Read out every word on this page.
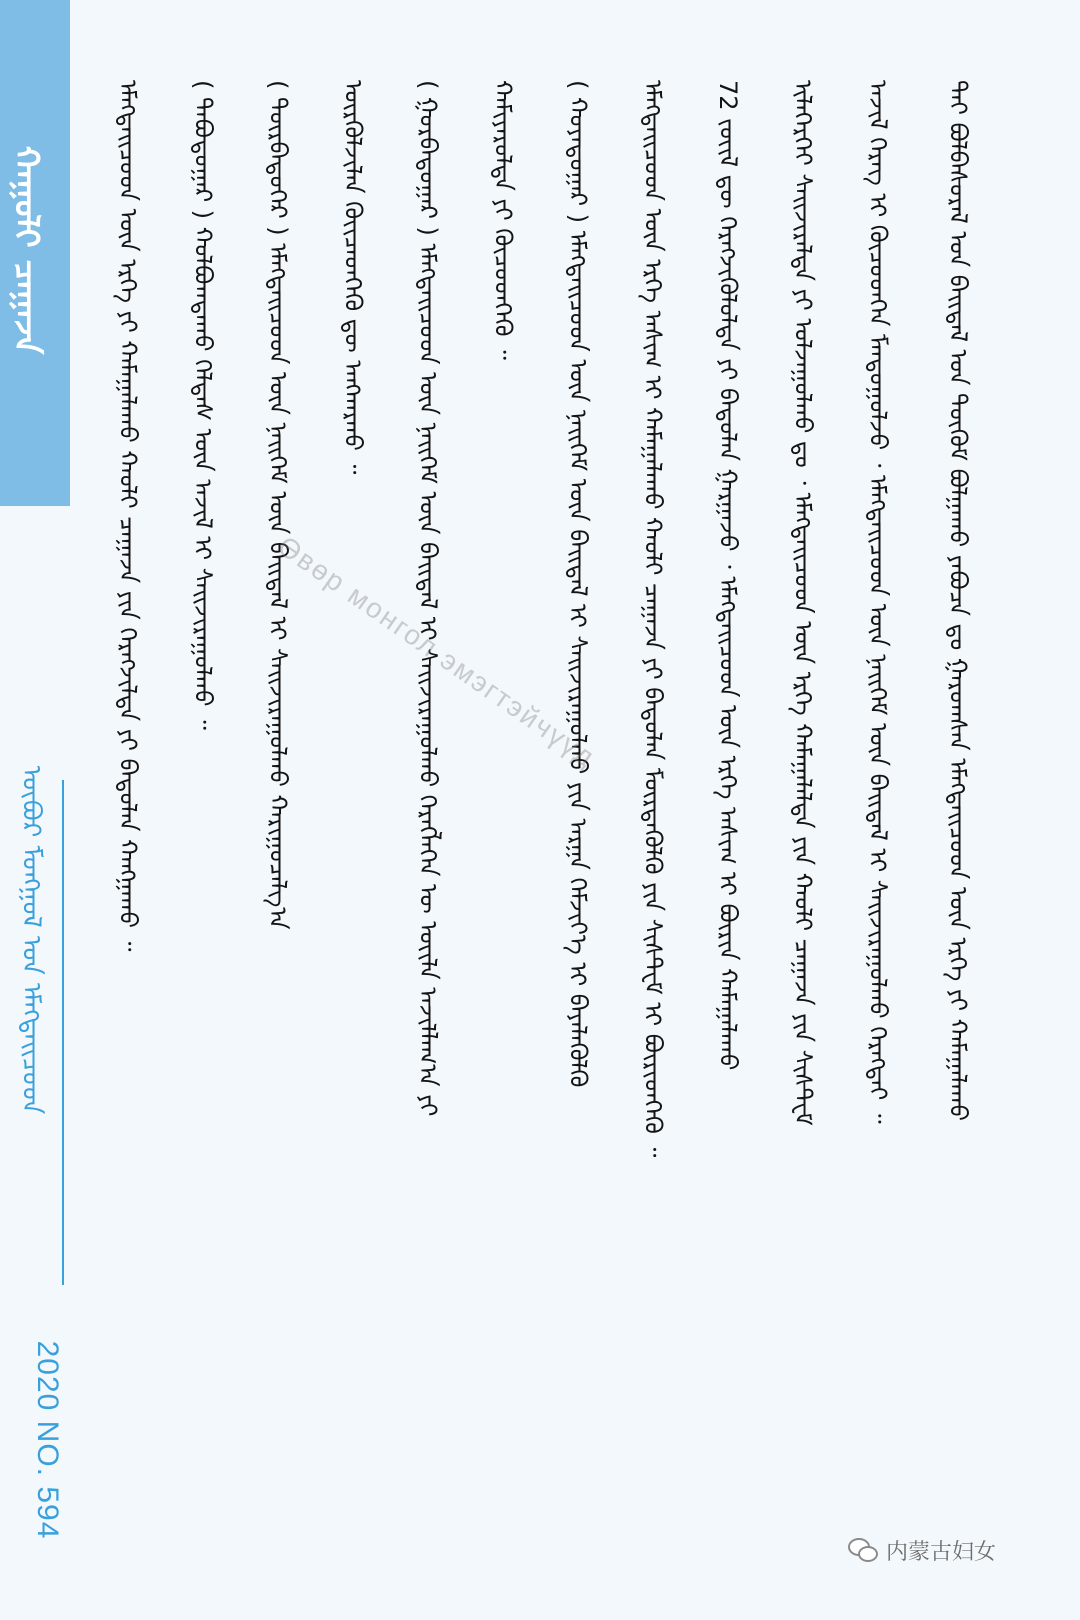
ᠬᠠᠭᠤᠯᠢ ᠴᠠᠭᠠᠵᠠ
ᠥᠪᠥᠷ ᠮᠣᠩᠭᠣᠯ ᠤᠨ ᠡᠮᠡᠭᠲᠡᠢᠴᠦᠳ
2020 NO. 594
ᠲᠠᠢ ᠪᠣᠯᠪᠠᠰᠤᠷᠠᠯ ᠤᠨ ᠪᠠᠢᠳᠠᠯ ᠤᠨ ᠳᠦᠭᠦᠮ ᠪᠣᠯᠭᠠᠬᠤ ᠶᠠᠪᠤᠴᠠ ᠳᠤ ᠭᠠᠷᠤᠭᠰᠠᠨ ᠡᠮᠡᠭᠲᠡᠢᠴᠦᠳ ᠦᠨ ᠡᠷᠬᠡ ᠶᠢ ᠬᠠᠮᠠᠭᠠᠯᠠᠬᠤ
ᠠᠵᠢᠯ ᠬᠡᠷᠡᠭ ᠢ ᠬᠦᠴᠦᠳᠬᠡᠨ ᠮᠠᠨᠳᠤᠭᠤᠯᠵᠤ ᠂ ᠡᠮᠡᠭᠲᠡᠢᠴᠦᠳ ᠦᠨ ᠨᠡᠢᠭᠡᠮ ᠦᠨ ᠪᠠᠢᠳᠠᠯ ᠢ ᠰᠠᠢᠵᠢᠷᠠᠭᠤᠯᠬᠤ ᠬᠡᠷᠡᠭᠲᠡᠢ ᠃
ᠢᠯᠡᠬᠡᠷᠬᠡᠢ ᠰᠠᠢᠵᠢᠷᠠᠯᠲᠠ ᠶᠢ ᠣᠯᠵᠠᠭᠤᠯᠬᠤ ᠳᠤ ᠂ ᠡᠮᠡᠭᠲᠡᠢᠴᠦᠳ ᠦᠨ ᠡᠷᠬᠡ ᠬᠠᠮᠠᠭᠠᠯᠠᠯᠲᠠ ᠶᠢᠨ ᠬᠠᠤᠯᠢ ᠴᠠᠭᠠᠵᠠ ᠶᠢᠨ ᠰᠢᠰᠲᠧᠮ
72 ᠵᠦᠢᠯ ᠳᠦ ᠬᠡᠷᠡᠭᠵᠢᠭᠦᠯᠦᠯᠲᠡ ᠶᠢ ᠪᠠᠳᠤᠯᠠᠨ ᠭᠠᠷᠭᠠᠵᠤ ᠂ ᠡᠮᠡᠭᠲᠡᠢᠴᠦᠳ ᠦᠨ ᠡᠷᠬᠡ ᠠᠰᠢᠭ ᠢ ᠪᠦᠷᠢᠨ ᠬᠠᠮᠠᠭᠠᠯᠠᠬᠤ
ᠡᠮᠡᠭᠲᠡᠢᠴᠦᠳ ᠦᠨ ᠡᠷᠬᠡ ᠠᠰᠢᠭ ᠢ ᠬᠠᠮᠠᠭᠠᠯᠠᠬᠤ ᠬᠠᠤᠯᠢ ᠴᠠᠭᠠᠵᠠ ᠶᠢ ᠪᠠᠳᠤᠯᠠᠨ ᠮᠥᠷᠳᠡᠭᠦᠯᠬᠦ ᠶᠢᠨ ᠰᠢᠰᠲᠧᠮ ᠢ ᠪᠦᠷᠢᠳᠬᠡᠬᠦ ᠃
( ᠬᠣᠶᠠᠳᠤᠭᠠᠷ ) ᠡᠮᠡᠭᠲᠡᠢᠴᠦᠳ ᠦᠨ ᠨᠡᠢᠭᠡᠮ ᠦᠨ ᠪᠠᠢᠳᠠᠯ ᠢ ᠰᠠᠢᠵᠢᠷᠠᠭᠤᠯᠬᠤ ᠶᠢᠨ ᠠᠷᠭᠠ ᠬᠡᠮᠵᠢᠶ᠎ᠡ ᠢ ᠪᠡᠶᠡᠯᠡᠭᠦᠯᠬᠦ
ᠬᠠᠮᠢᠶᠠᠷᠤᠯᠲᠠ ᠶᠢ ᠬᠦᠴᠦᠳᠬᠡᠬᠦ ᠃
( ᠭᠤᠷᠪᠠᠳᠤᠭᠠᠷ ) ᠡᠮᠡᠭᠲᠡᠢᠴᠦᠳ ᠦᠨ ᠨᠡᠢᠭᠡᠮ ᠦᠨ ᠪᠠᠢᠳᠠᠯ ᠢ ᠰᠠᠢᠵᠢᠷᠠᠭᠤᠯᠬᠤ ᠬᠡᠷᠡᠭᠯᠡᠭᠡᠨ ᠦ ᠦᠢᠯᠡ ᠠᠵᠢᠯᠯᠠᠭ᠎ᠠ ᠶᠢ
ᠦᠷᠭᠦᠯᠵᠢᠯᠡᠨ ᠭᠦᠢᠴᠡᠳᠬᠡᠬᠦ ᠳᠦ ᠠᠩᠬᠠᠷᠬᠤ ᠃
( ᠳᠥᠷᠪᠡᠳᠦᠭᠡᠷ ) ᠡᠮᠡᠭᠲᠡᠢᠴᠦᠳ ᠦᠨ ᠨᠡᠢᠭᠡᠮ ᠦᠨ ᠪᠠᠢᠳᠠᠯ ᠢ ᠰᠠᠢᠵᠢᠷᠠᠭᠤᠯᠬᠤ ᠬᠠᠷᠢᠭᠤᠴᠠᠯᠭ᠎ᠠ
( ᠲᠠᠪᠤᠳᠤᠭᠠᠷ ) ᠬᠣᠯᠪᠣᠭᠳᠠᠬᠤ ᠬᠡᠯᠲᠡᠰ ᠦᠨ ᠠᠵᠢᠯ ᠢ ᠰᠠᠢᠵᠢᠷᠠᠭᠤᠯᠬᠤ ᠃
ᠡᠮᠡᠭᠲᠡᠢᠴᠦᠳ ᠦᠨ ᠡᠷᠬᠡ ᠶᠢ ᠬᠠᠮᠠᠭᠠᠯᠠᠬᠤ ᠬᠠᠤᠯᠢ ᠴᠠᠭᠠᠵᠠ ᠶᠢᠨ ᠬᠡᠷᠡᠭᠵᠢᠯᠲᠡ ᠶᠢ ᠪᠠᠲᠤᠯᠠᠨ ᠬᠠᠩᠭᠠᠬᠤ ᠃	Өвөр монгол эмэгтэйчүүд
内蒙古妇女
